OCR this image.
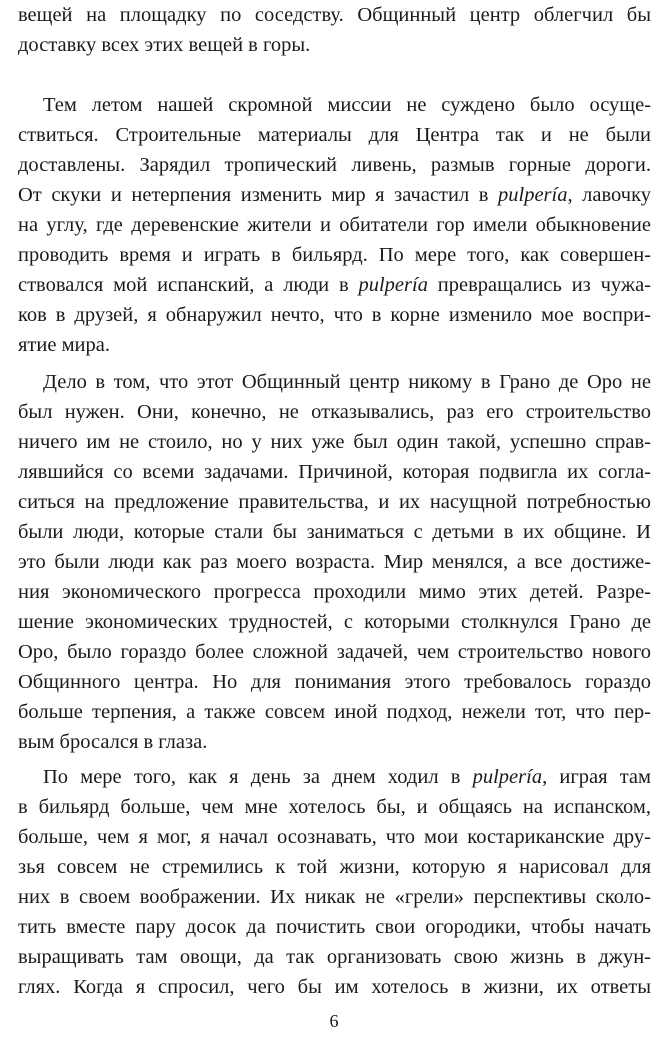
вещей на площадку по соседству. Общинный центр облегчил бы
доставку всех этих вещей в горы.
Тем летом нашей скромной миссии не суждено было осуще-
ствиться. Строительные материалы для Центра так и не были
доставлены. Зарядил тропический ливень, размыв горные дороги.
От скуки и нетерпения изменить мир я зачастил в pulpería, лавочку
на углу, где деревенские жители и обитатели гор имели обыкновение
проводить время и играть в бильярд. По мере того, как совершен-
ствовался мой испанский, а люди в pulpería превращались из чужа-
ков в друзей, я обнаружил нечто, что в корне изменило мое воспри-
ятие мира.
Дело в том, что этот Общинный центр никому в Грано де Оро не
был нужен. Они, конечно, не отказывались, раз его строительство
ничего им не стоило, но у них уже был один такой, успешно справ-
лявшийся со всеми задачами. Причиной, которая подвигла их согла-
ситься на предложение правительства, и их насущной потребностью
были люди, которые стали бы заниматься с детьми в их общине. И
это были люди как раз моего возраста. Мир менялся, а все достиже-
ния экономического прогресса проходили мимо этих детей. Разре-
шение экономических трудностей, с которыми столкнулся Грано де
Оро, было гораздо более сложной задачей, чем строительство нового
Общинного центра. Но для понимания этого требовалось гораздо
больше терпения, а также совсем иной подход, нежели тот, что пер-
вым бросался в глаза.
По мере того, как я день за днем ходил в pulpería, играя там
в бильярд больше, чем мне хотелось бы, и общаясь на испанском,
больше, чем я мог, я начал осознавать, что мои костариканские дру-
зья совсем не стремились к той жизни, которую я нарисовал для
них в своем воображении. Их никак не «грели» перспективы сколо-
тить вместе пару досок да почистить свои огородики, чтобы начать
выращивать там овощи, да так организовать свою жизнь в джун-
глях. Когда я спросил, чего бы им хотелось в жизни, их ответы
6
